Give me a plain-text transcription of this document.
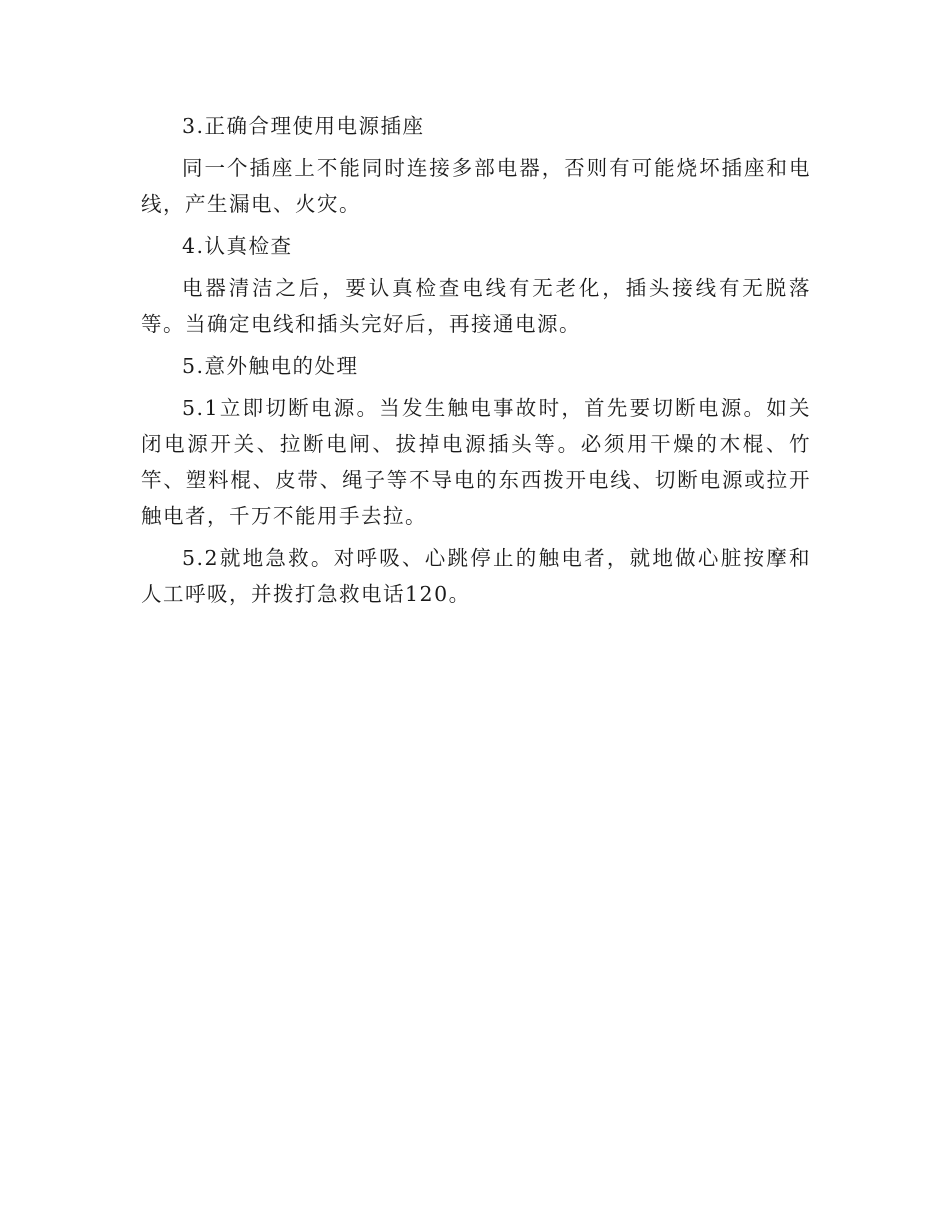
3.正确合理使用电源插座

同一个插座上不能同时连接多部电器，否则有可能烧坏插座和电线，产生漏电、火灾。

4.认真检查

电器清洁之后，要认真检查电线有无老化，插头接线有无脱落等。当确定电线和插头完好后，再接通电源。

5.意外触电的处理

5.1立即切断电源。当发生触电事故时，首先要切断电源。如关闭电源开关、拉断电闸、拔掉电源插头等。必须用干燥的木棍、竹竿、塑料棍、皮带、绳子等不导电的东西拨开电线、切断电源或拉开触电者，千万不能用手去拉。

5.2就地急救。对呼吸、心跳停止的触电者，就地做心脏按摩和人工呼吸，并拨打急救电话120。
